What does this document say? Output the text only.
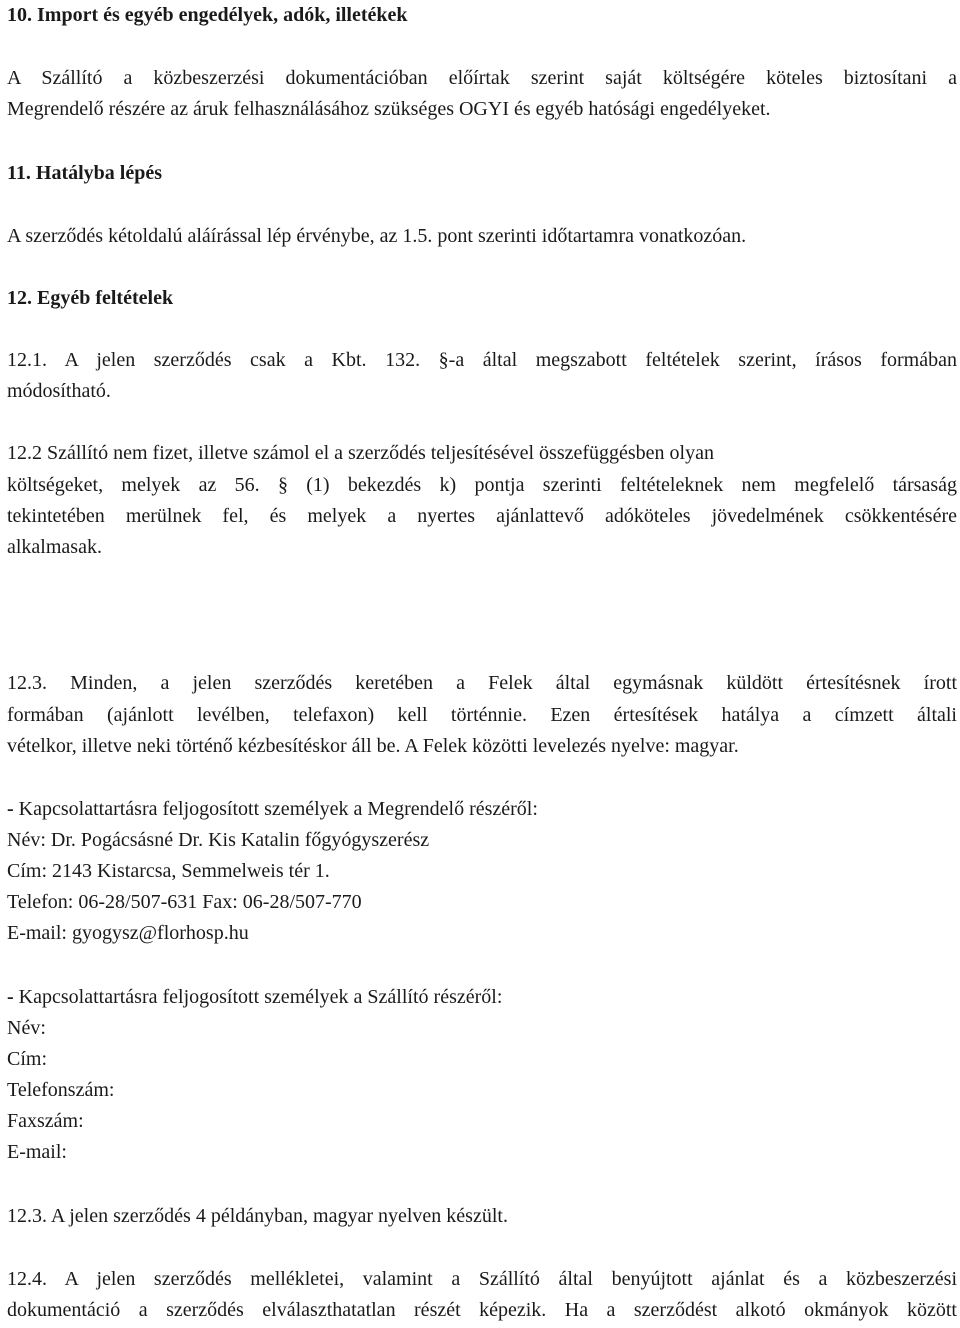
10. Import és egyéb engedélyek, adók, illetékek

A Szállító a közbeszerzési dokumentációban előírtak szerint saját költségére köteles biztosítani a

Megrendelő részére az áruk felhasználásához szükséges OGYI és egyéb hatósági engedélyeket.

11. Hatályba lépés

A szerződés kétoldalú aláírással lép érvénybe, az 1.5. pont szerinti időtartamra vonatkozóan.

12. Egyéb feltételek

12.1. A jelen szerződés csak a Kbt. 132. §-a által megszabott feltételek szerint, írásos formában

módosítható.

12.2 Szállító nem fizet, illetve számol el a szerződés teljesítésével összefüggésben olyan

költségeket, melyek az 56. § (1) bekezdés k) pontja szerinti feltételeknek nem megfelelő társaság

tekintetében merülnek fel, és melyek a nyertes ajánlattevő adóköteles jövedelmének csökkentésére

alkalmasak.

12.3. Minden, a jelen szerződés keretében a Felek által egymásnak küldött értesítésnek írott

formában (ajánlott levélben, telefaxon) kell történnie. Ezen értesítések hatálya a címzett általi

vételkor, illetve neki történő kézbesítéskor áll be. A Felek közötti levelezés nyelve: magyar.

- Kapcsolattartásra feljogosított személyek a Megrendelő részéről:

Név: Dr. Pogácsásné Dr. Kis Katalin főgyógyszerész

Cím: 2143 Kistarcsa, Semmelweis tér 1.

Telefon: 06-28/507-631 Fax: 06-28/507-770

E-mail: gyogysz@florhosp.hu

- Kapcsolattartásra feljogosított személyek a Szállító részéről:

Név:

Cím:

Telefonszám:

Faxszám:

E-mail:

12.3. A jelen szerződés 4 példányban, magyar nyelven készült.

12.4. A jelen szerződés mellékletei, valamint a Szállító által benyújtott ajánlat és a közbeszerzési

dokumentáció a szerződés elválaszthatatlan részét képezik. Ha a szerződést alkotó okmányok között
